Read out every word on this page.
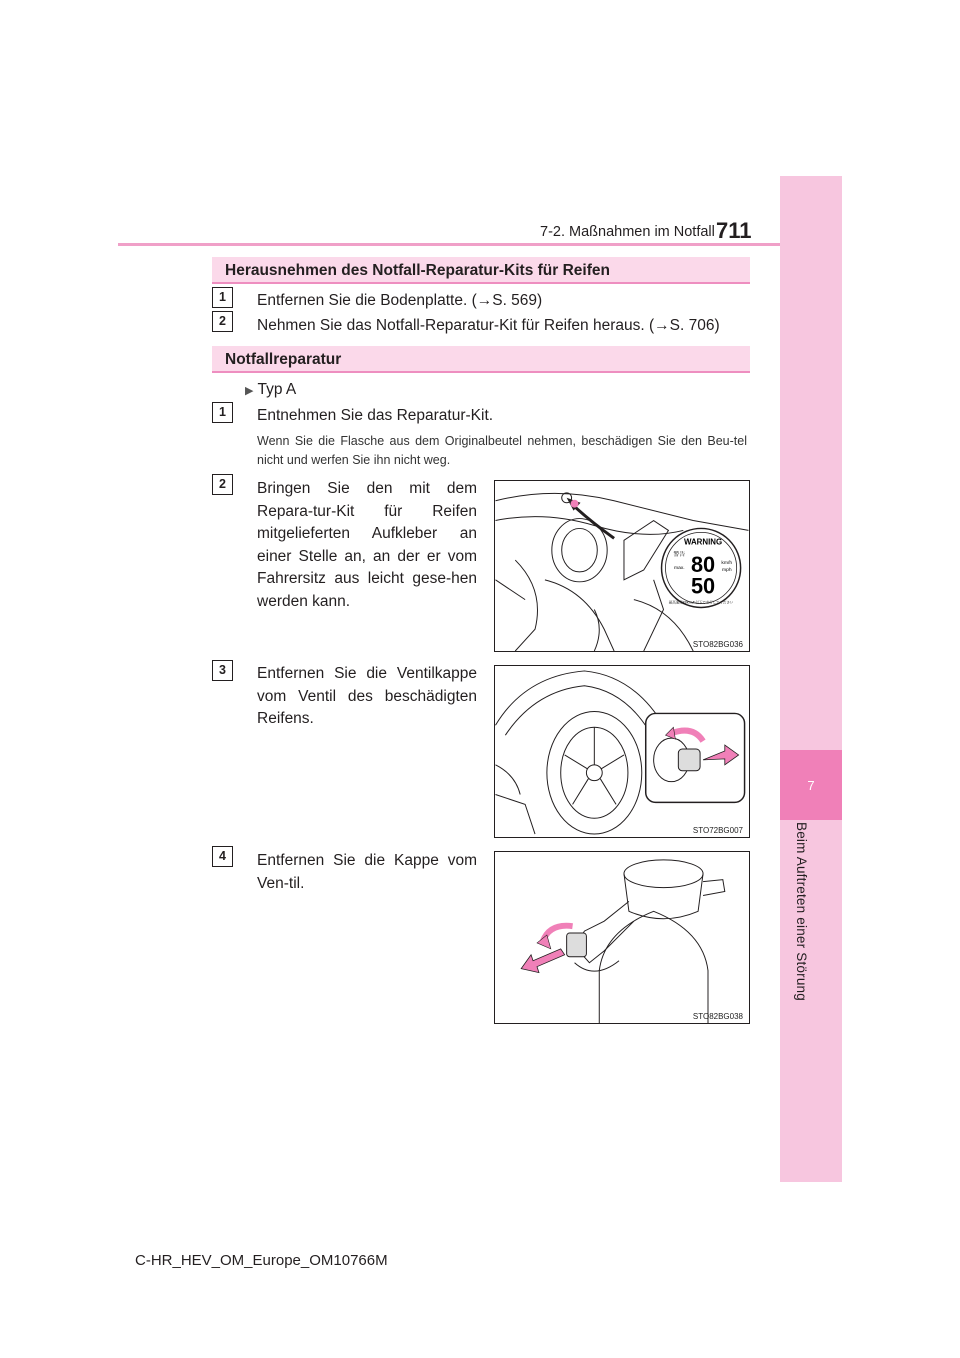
7-2. Maßnahmen im Notfall 711
7
Beim Auftreten einer Störung
Herausnehmen des Notfall-Reparatur-Kits für Reifen
1	Entfernen Sie die Bodenplatte. (→S. 569)
2	Nehmen Sie das Notfall-Reparatur-Kit für Reifen heraus. (→S. 706)
Notfallreparatur
▶ Typ A
1	Entnehmen Sie das Reparatur-Kit.
Wenn Sie die Flasche aus dem Originalbeutel nehmen, beschädigen Sie den Beu-tel nicht und werfen Sie ihn nicht weg.
2	Bringen Sie den mit dem Repara-tur-Kit für Reifen mitgelieferten Aufkleber an einer Stelle an, an der er vom Fahrersitz aus leicht gese-hen werden kann.
3	Entfernen Sie die Ventilkappe vom Ventil des beschädigten Reifens.
4	Entfernen Sie die Kappe vom Ven-til.
WARNING
80
50
km/h
mph
max.
警告
最高速度80km/h以下で走行してください
STO82BG036
STO72BG007
STO82BG038
C-HR_HEV_OM_Europe_OM10766M
